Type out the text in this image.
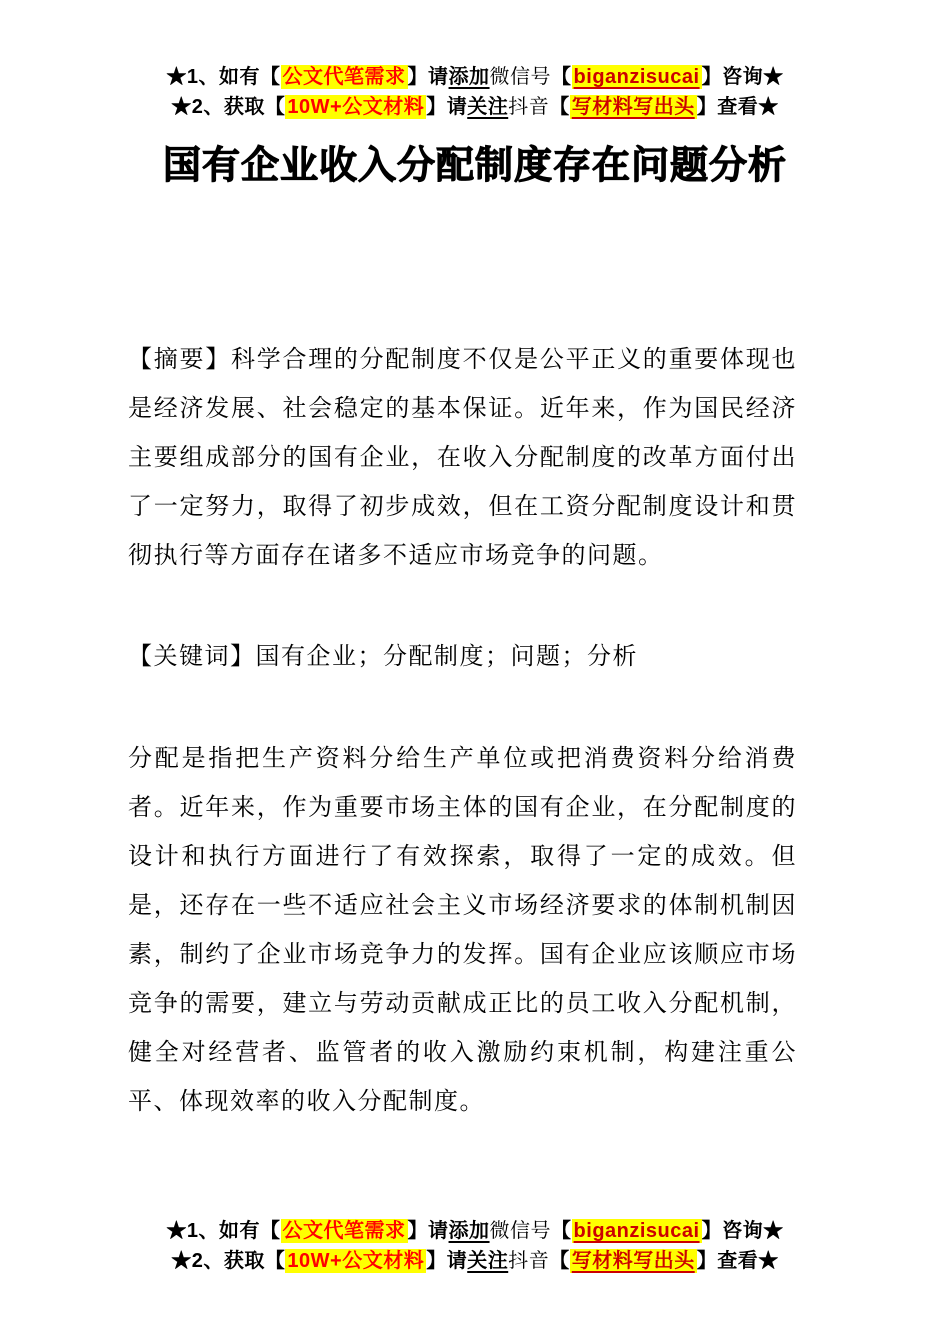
★1、如有【 公文代笔需求 】请添加微信号【 biganzisucai 】咨询★
★2、获取【 10W+公文材料 】请关注抖音【 写材料写出头 】查看★
国有企业收入分配制度存在问题分析

【摘要】科学合理的分配制度不仅是公平正义的重要体现也是经济发展、社会稳定的基本保证。近年来，作为国民经济主要组成部分的国有企业，在收入分配制度的改革方面付出了一定努力，取得了初步成效，但在工资分配制度设计和贯彻执行等方面存在诸多不适应市场竞争的问题。

【关键词】国有企业；分配制度；问题；分析

分配是指把生产资料分给生产单位或把消费资料分给消费者。近年来，作为重要市场主体的国有企业，在分配制度的设计和执行方面进行了有效探索，取得了一定的成效。但是，还存在一些不适应社会主义市场经济要求的体制机制因素，制约了企业市场竞争力的发挥。国有企业应该顺应市场竞争的需要，建立与劳动贡献成正比的员工收入分配机制，健全对经营者、监管者的收入激励约束机制，构建注重公平、体现效率的收入分配制度。

★1、如有【 公文代笔需求 】请添加微信号【 biganzisucai 】咨询★
★2、获取【 10W+公文材料 】请关注抖音【 写材料写出头 】查看★
